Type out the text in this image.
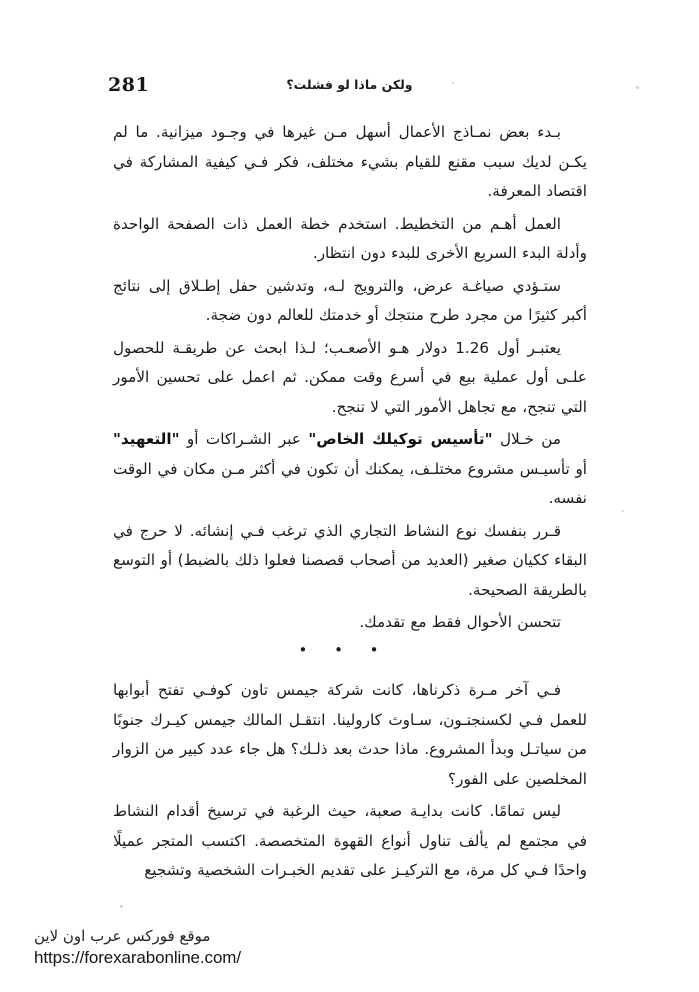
281	ولكن ماذا لو فشلت؟

بـدء بعض نمـاذج الأعمال أسهل مـن غيرها في وجـود ميزانية. ما لم يكـن لديك سبب مقنع للقيام بشيء مختلف، فكر فـي كيفية المشاركة في اقتصاد المعرفة.

العمل أهـم من التخطيط. استخدم خطة العمل ذات الصفحة الواحدة وأدلة البدء السريع الأخرى للبدء دون انتظار.

ستـؤدي صياغـة عرض، والترويج لـه، وتدشين حفل إطـلاق إلى نتائج أكبر كثيرًا من مجرد طرح منتجك أو خدمتك للعالم دون ضجة.

يعتبـر أول 1.26 دولار هـو الأصعـب؛ لـذا ابحث عن طريقـة للحصول علـى أول عملية بيع في أسرع وقت ممكن. ثم اعمل على تحسين الأمور التي تنجح، مع تجاهل الأمور التي لا تنجح.

من خـلال "تأسيس توكيلك الخاص" عبر الشـراكات أو "التعهيد" أو تأسيـس مشروع مختلـف، يمكنك أن تكون في أكثر مـن مكان في الوقت نفسه.

قـرر بنفسك نوع النشاط التجاري الذي ترغب فـي إنشائه. لا حرج في البقاء ككيان صغير (العديد من أصحاب قصصنا فعلوا ذلك بالضبط) أو التوسع بالطريقة الصحيحة.

تتحسن الأحوال فقط مع تقدمك.

• • •

فـي آخر مـرة ذكرناها، كانت شركة جيمس تاون كوفـي تفتح أبوابها للعمل فـي لكسنجتـون، سـاوث كارولينا. انتقـل المالك جيمس كيـرك جنوبًا من سياتـل وبدأ المشروع. ماذا حدث بعد ذلـك؟ هل جاء عدد كبير من الزوار المخلصين على الفور؟

ليس تمامًا. كانت بدايـة صعبة، حيث الرغبة في ترسيخ أقدام النشاط في مجتمع لم يألف تناول أنواع القهوة المتخصصة. اكتسب المتجر عميلًا واحدًا فـي كل مرة، مع التركيـز على تقديم الخبـرات الشخصية وتشجيع

موقع فوركس عرب اون لاين
https://forexarabonline.com/
